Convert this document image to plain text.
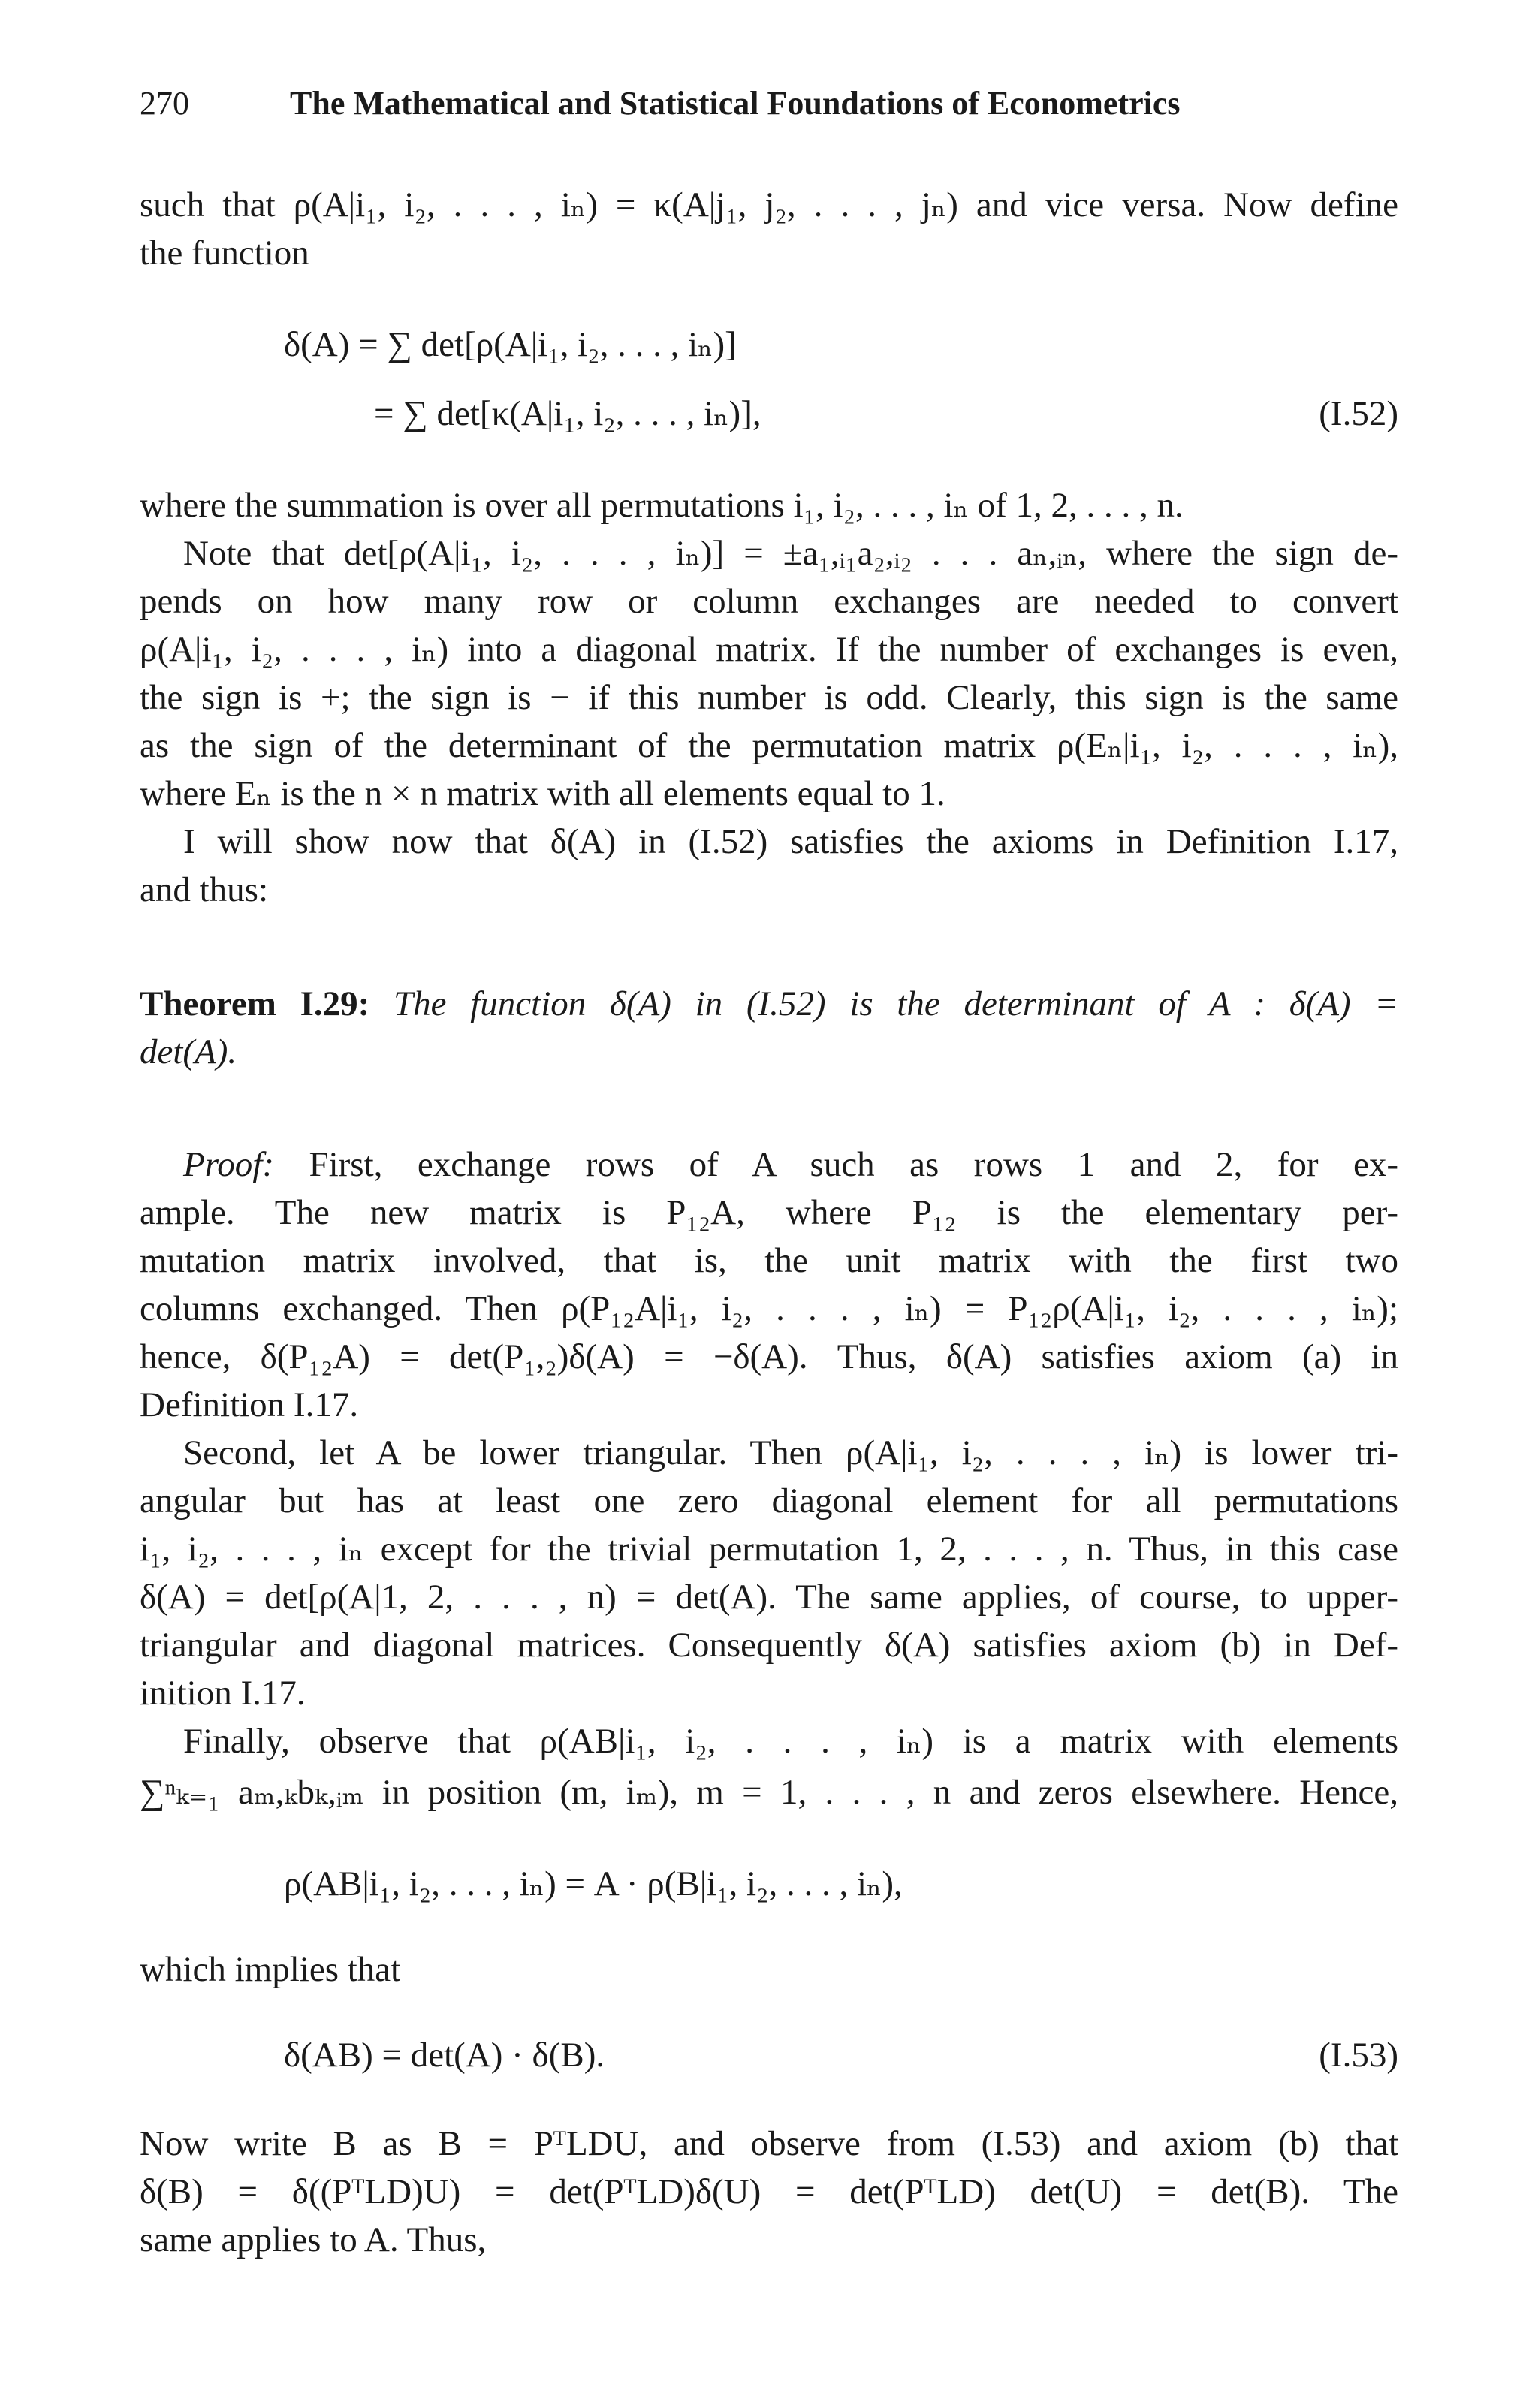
270	The Mathematical and Statistical Foundations of Econometrics
such that ρ(A|i₁, i₂, . . . , iₙ) = κ(A|j₁, j₂, . . . , jₙ) and vice versa. Now define
the function
δ(A) = ∑ det[ρ(A|i₁, i₂, . . . , iₙ)]
= ∑ det[κ(A|i₁, i₂, . . . , iₙ)],	(I.52)
where the summation is over all permutations i₁, i₂, . . . , iₙ of 1, 2, . . . , n.
Note that det[ρ(A|i₁, i₂, . . . , iₙ)] = ±a₁,ᵢ₁a₂,ᵢ₂ . . . aₙ,ᵢₙ, where the sign de-
pends on how many row or column exchanges are needed to convert
ρ(A|i₁, i₂, . . . , iₙ) into a diagonal matrix. If the number of exchanges is even,
the sign is +; the sign is − if this number is odd. Clearly, this sign is the same
as the sign of the determinant of the permutation matrix ρ(Eₙ|i₁, i₂, . . . , iₙ),
where Eₙ is the n × n matrix with all elements equal to 1.
I will show now that δ(A) in (I.52) satisfies the axioms in Definition I.17,
and thus:
Theorem I.29: The function δ(A) in (I.52) is the determinant of A : δ(A) =
det(A).
Proof: First, exchange rows of A such as rows 1 and 2, for ex-
ample. The new matrix is P₁₂A, where P₁₂ is the elementary per-
mutation matrix involved, that is, the unit matrix with the first two
columns exchanged. Then ρ(P₁₂A|i₁, i₂, . . . , iₙ) = P₁₂ρ(A|i₁, i₂, . . . , iₙ);
hence, δ(P₁₂A) = det(P₁,₂)δ(A) = −δ(A). Thus, δ(A) satisfies axiom (a) in
Definition I.17.
Second, let A be lower triangular. Then ρ(A|i₁, i₂, . . . , iₙ) is lower tri-
angular but has at least one zero diagonal element for all permutations
i₁, i₂, . . . , iₙ except for the trivial permutation 1, 2, . . . , n. Thus, in this case
δ(A) = det[ρ(A|1, 2, . . . , n) = det(A). The same applies, of course, to upper-
triangular and diagonal matrices. Consequently δ(A) satisfies axiom (b) in Def-
inition I.17.
Finally, observe that ρ(AB|i₁, i₂, . . . , iₙ) is a matrix with elements
∑ⁿₖ₌₁ aₘ,ₖbₖ,ᵢₘ in position (m, iₘ), m = 1, . . . , n and zeros elsewhere. Hence,
ρ(AB|i₁, i₂, . . . , iₙ) = A · ρ(B|i₁, i₂, . . . , iₙ),
which implies that
δ(AB) = det(A) · δ(B).	(I.53)
Now write B as B = PᵀLDU, and observe from (I.53) and axiom (b) that
δ(B) = δ((PᵀLD)U) = det(PᵀLD)δ(U) = det(PᵀLD) det(U) = det(B). The
same applies to A. Thus,
